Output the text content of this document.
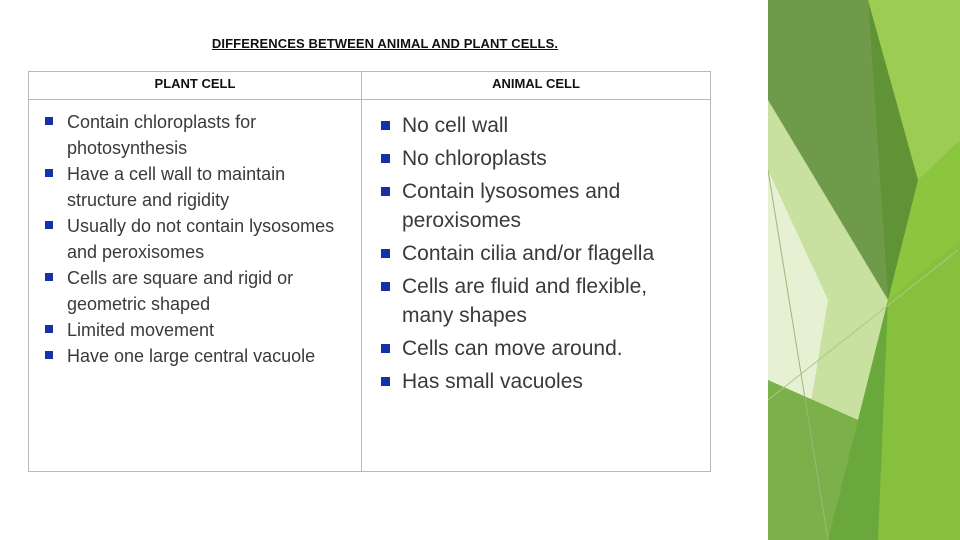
DIFFERENCES BETWEEN ANIMAL AND PLANT CELLS.
PLANT CELL	ANIMAL CELL
Contain chloroplasts for photosynthesis
Have a cell wall to maintain structure and rigidity
Usually do not contain lysosomes and peroxisomes
Cells are square and rigid or geometric shaped
Limited movement
Have one large central vacuole
No cell wall
No chloroplasts
Contain lysosomes and peroxisomes
Contain cilia and/or flagella
Cells are fluid and flexible, many shapes
Cells can move around.
Has small vacuoles
